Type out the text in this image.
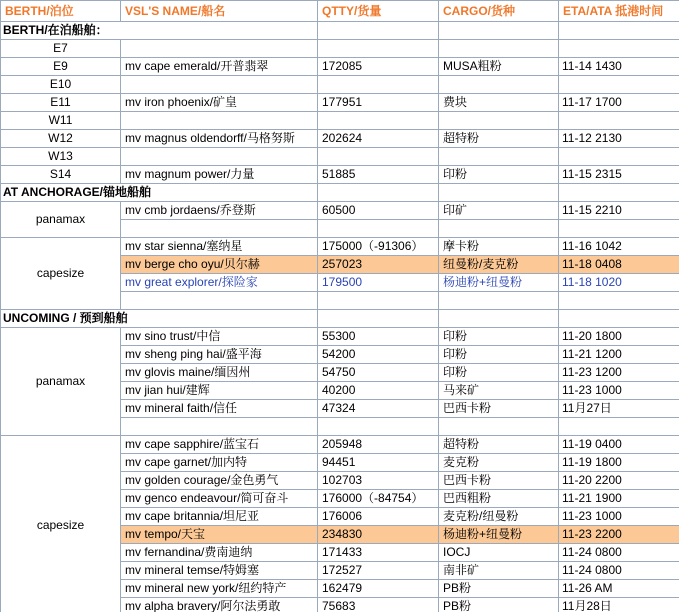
BERTH/泊位	VSL'S NAME/船名	QTTY/货量	CARGO/货种	ETA/ATA 抵港时间
BERTH/在泊船舶：				
E7				
E9	mv cape emerald/开普翡翠	172085	MUSA粗粉	11-14 1430
E10				
E11	mv iron phoenix/矿皇	177951	费块	11-17 1700
W11				
W12	mv magnus oldendorff/马格努斯	202624	超特粉	11-12 2130
W13				
S14	mv magnum power/力量	51885	印粉	11-15 2315
AT ANCHORAGE/锚地船舶				
panamax	mv cmb jordaens/乔登斯	60500	印矿	11-15 2210

capesize	mv star sienna/塞纳星	175000（-91306）	摩卡粉	11-16 1042
	mv berge cho oyu/贝尔赫	257023	纽曼粉/麦克粉	11-18 0408
	mv great explorer/探险家	179500	杨迪粉+纽曼粉	11-18 1020

UNCOMING / 预到船舶				
panamax	mv sino trust/中信	55300	印粉	11-20 1800
	mv sheng ping hai/盛平海	54200	印粉	11-21 1200
	mv glovis maine/缅因州	54750	印粉	11-23 1200
	mv jian hui/建辉	40200	马来矿	11-23 1000
	mv mineral faith/信任	47324	巴西卡粉	11月27日

capesize	mv cape sapphire/蓝宝石	205948	超特粉	11-19 0400
	mv cape garnet/加内特	94451	麦克粉	11-19 1800
	mv golden courage/金色勇气	102703	巴西卡粉	11-20 2200
	mv genco endeavour/简可奋斗	176000（-84754）	巴西粗粉	11-21 1900
	mv cape britannia/坦尼亚	176006	麦克粉/纽曼粉	11-23 1000
	mv tempo/天宝	234830	杨迪粉+纽曼粉	11-23 2200
	mv fernandina/费南迪纳	171433	IOCJ	11-24 0800
	mv mineral temse/特姆塞	172527	南非矿	11-24 0800
	mv mineral new york/纽约特产	162479	PB粉	11-26 AM
	mv alpha bravery/阿尔法勇敢	75683	PB粉	11月28日
